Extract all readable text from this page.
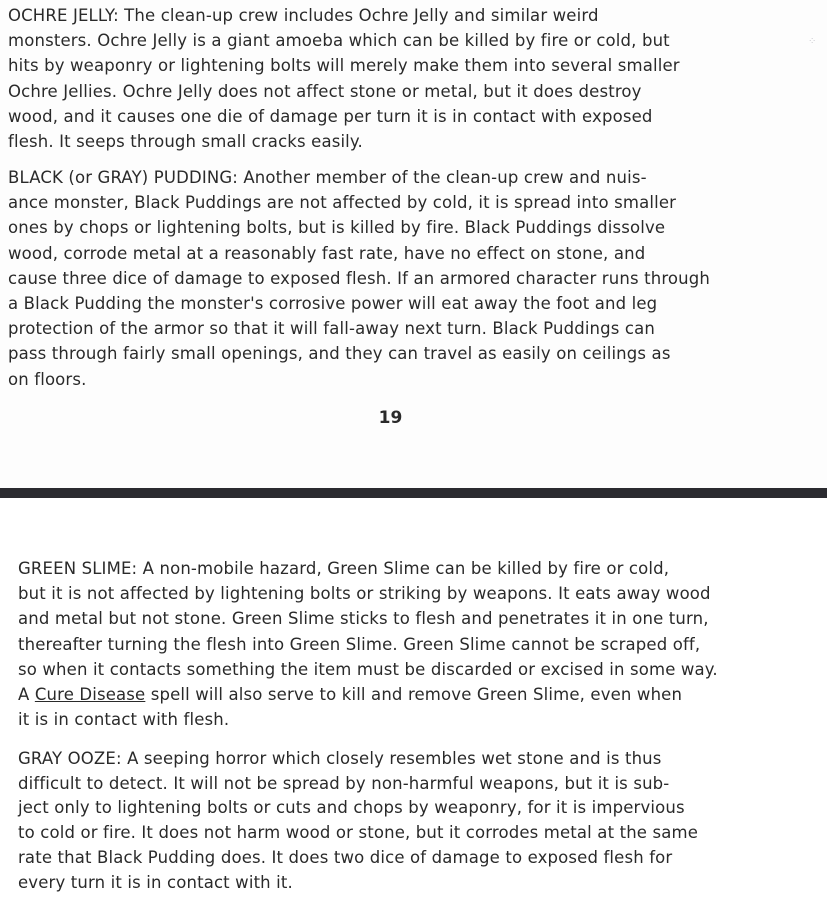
⁘

OCHRE JELLY: The clean-up crew includes Ochre Jelly and similar weird
monsters. Ochre Jelly is a giant amoeba which can be killed by fire or cold, but
hits by weaponry or lightening bolts will merely make them into several smaller
Ochre Jellies. Ochre Jelly does not affect stone or metal, but it does destroy
wood, and it causes one die of damage per turn it is in contact with exposed
flesh. It seeps through small cracks easily.

BLACK (or GRAY) PUDDING: Another member of the clean-up crew and nuis-
ance monster, Black Puddings are not affected by cold, it is spread into smaller
ones by chops or lightening bolts, but is killed by fire. Black Puddings dissolve
wood, corrode metal at a reasonably fast rate, have no effect on stone, and
cause three dice of damage to exposed flesh. If an armored character runs through
a Black Pudding the monster's corrosive power will eat away the foot and leg
protection of the armor so that it will fall-away next turn. Black Puddings can
pass through fairly small openings, and they can travel as easily on ceilings as
on floors.

19

GREEN SLIME: A non-mobile hazard, Green Slime can be killed by fire or cold,
but it is not affected by lightening bolts or striking by weapons. It eats away wood
and metal but not stone. Green Slime sticks to flesh and penetrates it in one turn,
thereafter turning the flesh into Green Slime. Green Slime cannot be scraped off,
so when it contacts something the item must be discarded or excised in some way.
A Cure Disease spell will also serve to kill and remove Green Slime, even when
it is in contact with flesh.

GRAY OOZE: A seeping horror which closely resembles wet stone and is thus
difficult to detect. It will not be spread by non-harmful weapons, but it is sub-
ject only to lightening bolts or cuts and chops by weaponry, for it is impervious
to cold or fire. It does not harm wood or stone, but it corrodes metal at the same
rate that Black Pudding does. It does two dice of damage to exposed flesh for
every turn it is in contact with it.
